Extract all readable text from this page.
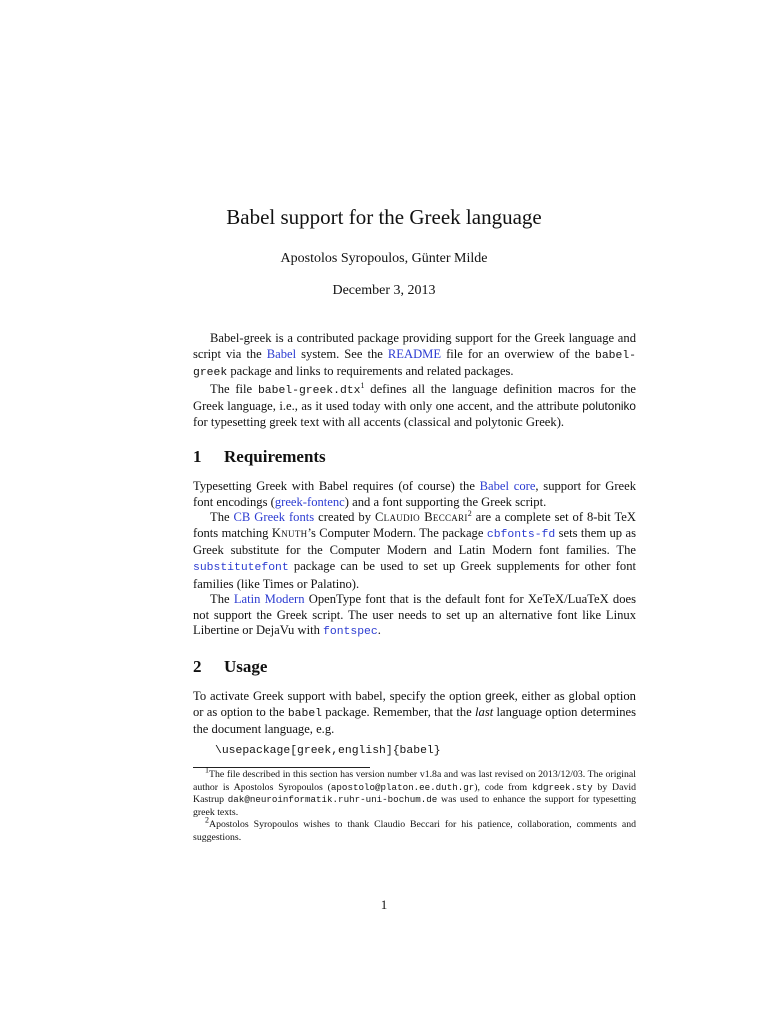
Babel support for the Greek language
Apostolos Syropoulos, Günter Milde
December 3, 2013

Babel-greek is a contributed package providing support for the Greek language and script via the Babel system. See the README file for an overwiew of the babel-greek package and links to requirements and related packages.

The file babel-greek.dtx$^1$ defines all the language definition macros for the Greek language, i.e., as it used today with only one accent, and the attribute polutoniko for typesetting greek text with all accents (classical and polytonic Greek).

1 Requirements

Typesetting Greek with Babel requires (of course) the Babel core, support for Greek font encodings (greek-fontenc) and a font supporting the Greek script.

The CB Greek fonts created by Claudio Beccari$^2$ are a complete set of 8-bit TeX fonts matching Knuth’s Computer Modern. The package cbfonts-fd sets them up as Greek substitute for the Computer Modern and Latin Modern font families. The substitutefont package can be used to set up Greek supplements for other font families (like Times or Palatino).

The Latin Modern OpenType font that is the default font for XeTeX/LuaTeX does not support the Greek script. The user needs to set up an alternative font like Linux Libertine or DejaVu with fontspec.

2 Usage

To activate Greek support with babel, specify the option greek, either as global option or as option to the babel package. Remember, that the last language option determines the document language, e.g.

\usepackage[greek,english]{babel}

$^1$The file described in this section has version number v1.8a and was last revised on 2013/12/03. The original author is Apostolos Syropoulos (apostolo@platon.ee.duth.gr), code from kdgreek.sty by David Kastrup dak@neuroinformatik.ruhr-uni-bochum.de was used to enhance the support for typesetting greek texts.

$^2$Apostolos Syropoulos wishes to thank Claudio Beccari for his patience, collaboration, comments and suggestions.

1
